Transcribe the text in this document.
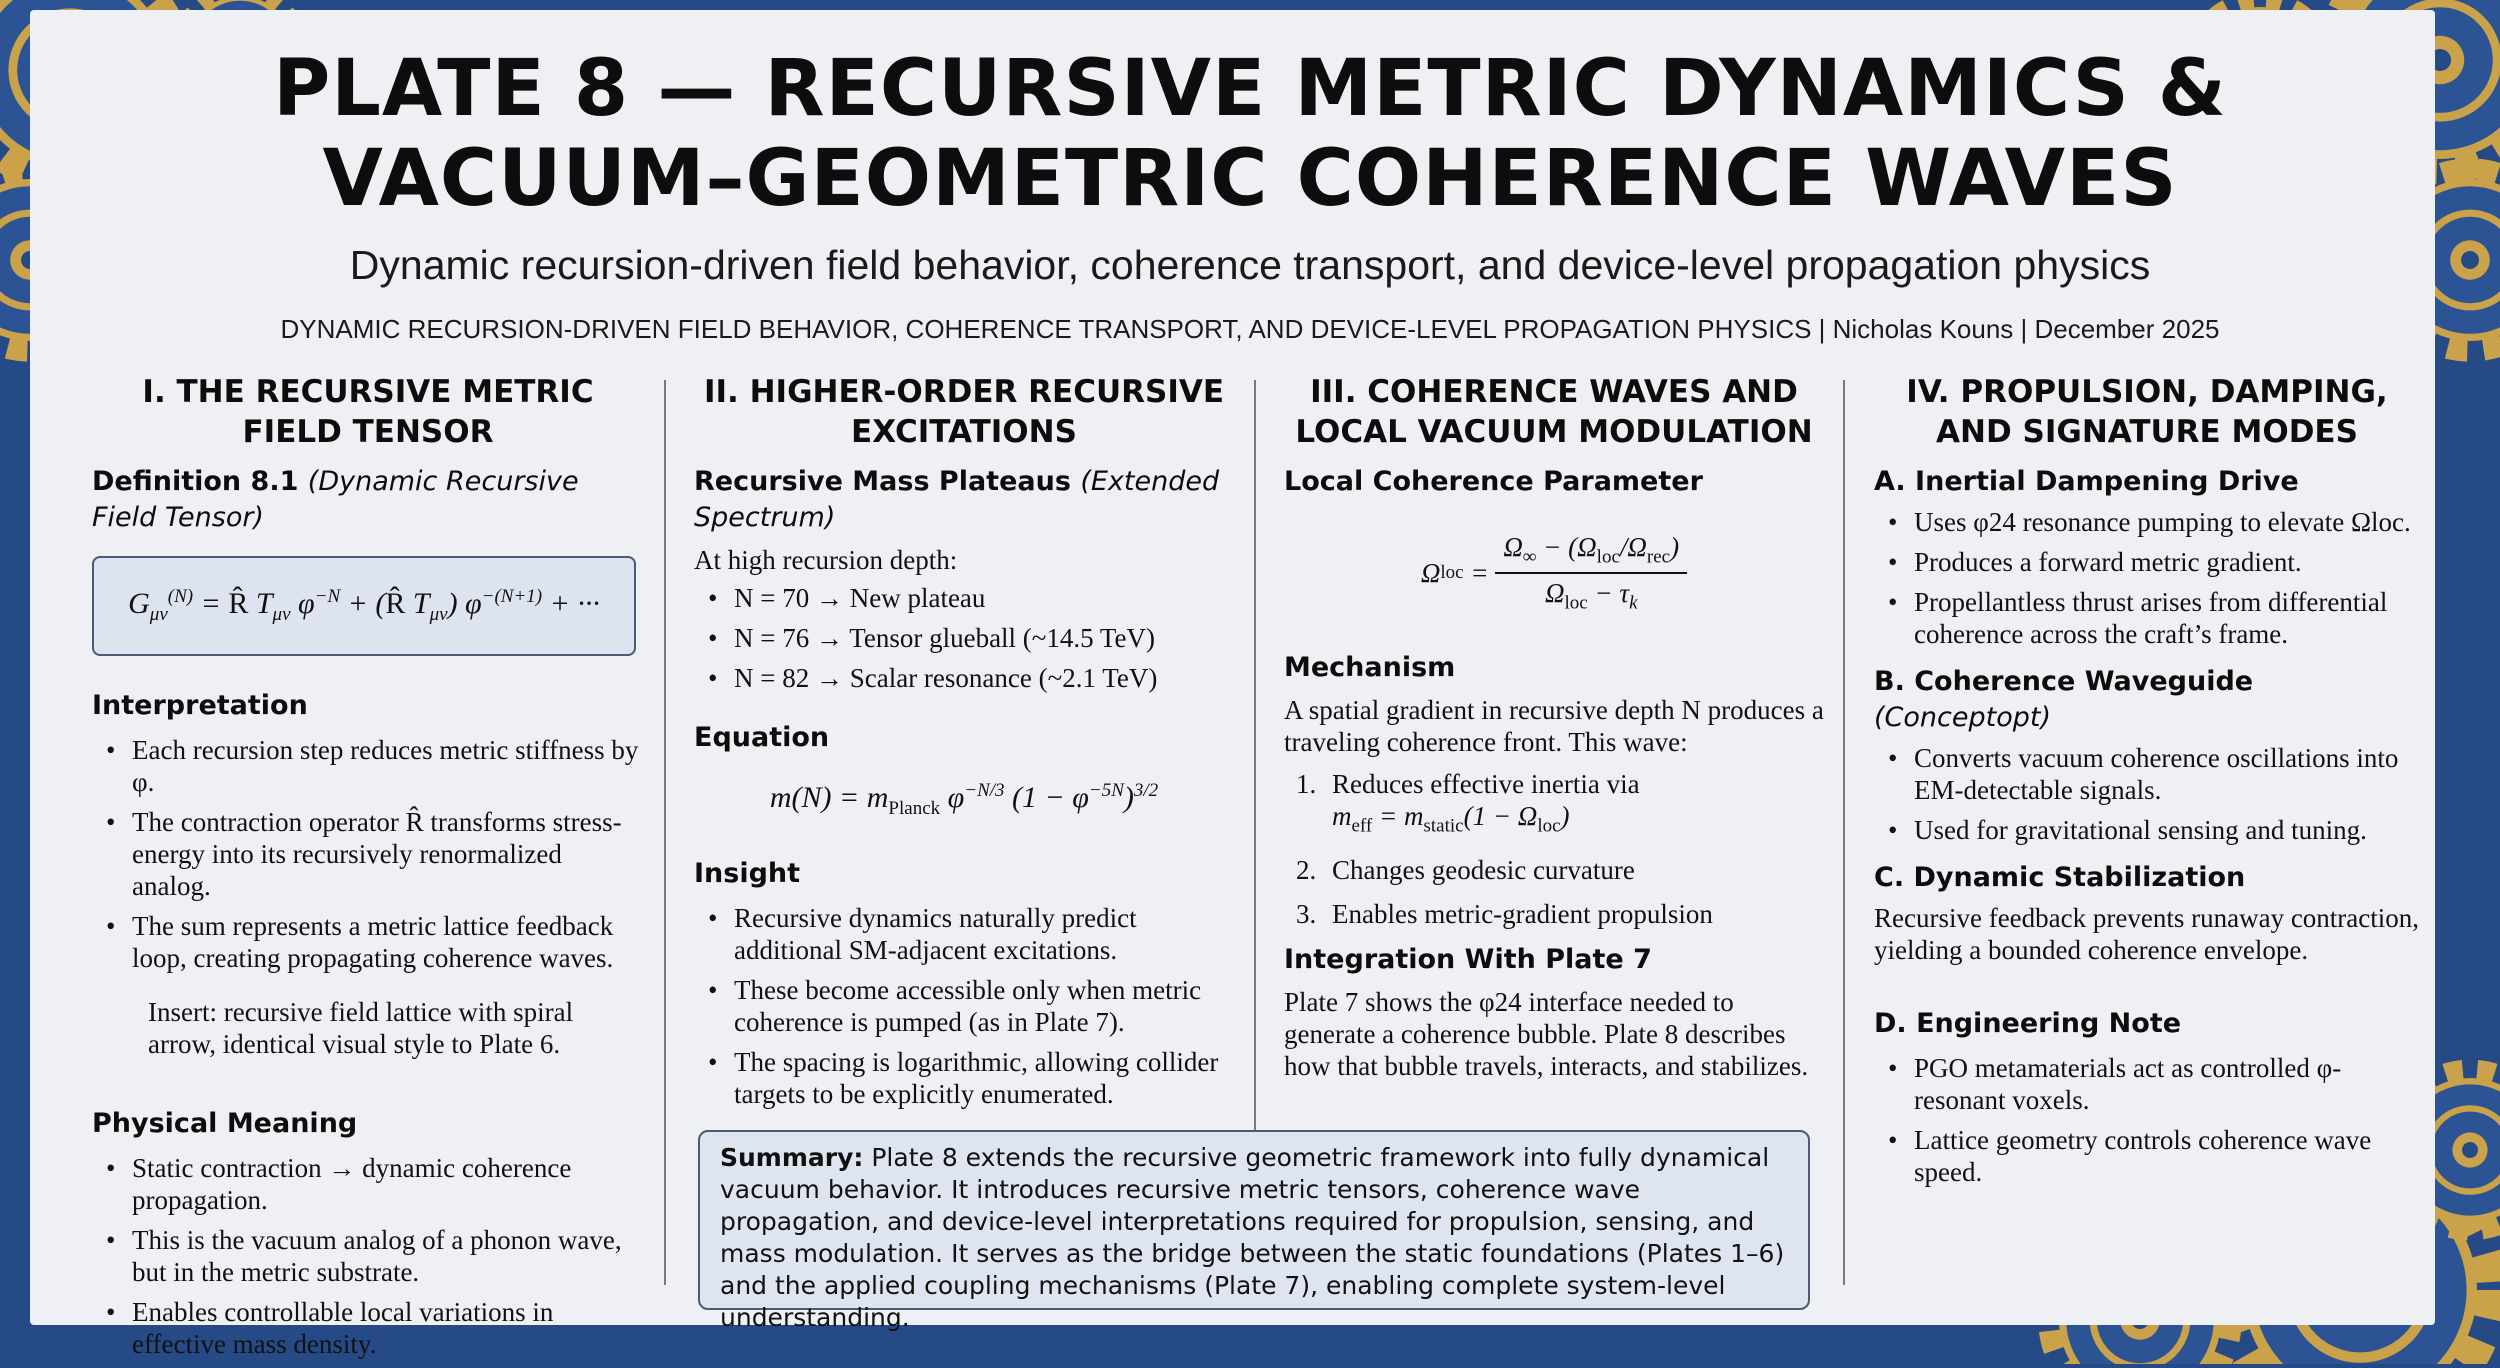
PLATE 8 — RECURSIVE METRIC DYNAMICS &
VACUUM–GEOMETRIC COHERENCE WAVES
Dynamic recursion-driven field behavior, coherence transport, and device-level propagation physics
DYNAMIC RECURSION-DRIVEN FIELD BEHAVIOR, COHERENCE TRANSPORT, AND DEVICE-LEVEL PROPAGATION PHYSICS | Nicholas Kouns | December 2025
I. THE RECURSIVE METRIC
FIELD TENSOR
Definition 8.1 (Dynamic Recursive Field Tensor)
$G_{\mu\nu}^{(N)}$ = R̂ $T_{\mu\nu}$ $\varphi^{-N}$ + (R̂ $T_{\mu\nu}$) $\varphi^{-(N+1)}$ + ···
Interpretation
• Each recursion step reduces metric stiffness by φ.
• The contraction operator R̂ transforms stress-energy into its recursively renormalized analog.
• The sum represents a metric lattice feedback loop, creating propagating coherence waves.
Insert: recursive field lattice with spiral arrow, identical visual style to Plate 6.
Physical Meaning
• Static contraction → dynamic coherence propagation.
• This is the vacuum analog of a phonon wave, but in the metric substrate.
• Enables controllable local variations in effective mass density.
II. HIGHER-ORDER RECURSIVE
EXCITATIONS
Recursive Mass Plateaus (Extended Spectrum)
At high recursion depth:
• N = 70 → New plateau
• N = 76 → Tensor glueball (~14.5 TeV)
• N = 82 → Scalar resonance (~2.1 TeV)
Equation
$m(N) = m_{Planck}$ $\varphi^{-N/3}$ $(1 - \varphi^{-5N})^{3/2}$
Insight
• Recursive dynamics naturally predict additional SM-adjacent excitations.
• These become accessible only when metric coherence is pumped (as in Plate 7).
• The spacing is logarithmic, allowing collider targets to be explicitly enumerated.
III. COHERENCE WAVES AND
LOCAL VACUUM MODULATION
Local Coherence Parameter
Ω loc = $\frac{\Omega_\infty - (\Omega_{loc}/\Omega_{rec})}{\Omega_{loc} - \tau_k}$
Mechanism
A spatial gradient in recursive depth N produces a traveling coherence front. This wave:
1. Reduces effective inertia via
$m_{eff} = m_{static}(1 - \Omega_{loc})$
2. Changes geodesic curvature
3. Enables metric-gradient propulsion
Integration With Plate 7
Plate 7 shows the φ24 interface needed to generate a coherence bubble. Plate 8 describes how that bubble travels, interacts, and stabilizes.
IV. PROPULSION, DAMPING,
AND SIGNATURE MODES
A. Inertial Dampening Drive
• Uses φ24 resonance pumping to elevate Ωloc.
• Produces a forward metric gradient.
• Propellantless thrust arises from differential coherence across the craft’s frame.
B. Coherence Waveguide (Conceptopt)
• Converts vacuum coherence oscillations into EM-detectable signals.
• Used for gravitational sensing and tuning.
C. Dynamic Stabilization
Recursive feedback prevents runaway contraction, yielding a bounded coherence envelope.
D. Engineering Note
• PGO metamaterials act as controlled φ-resonant voxels.
• Lattice geometry controls coherence wave speed.
Summary: Plate 8 extends the recursive geometric framework into fully dynamical vacuum behavior. It introduces recursive metric tensors, coherence wave propagation, and device-level interpretations required for propulsion, sensing, and mass modulation. It serves as the bridge between the static foundations (Plates 1–6) and the applied coupling mechanisms (Plate 7), enabling complete system-level understanding.
